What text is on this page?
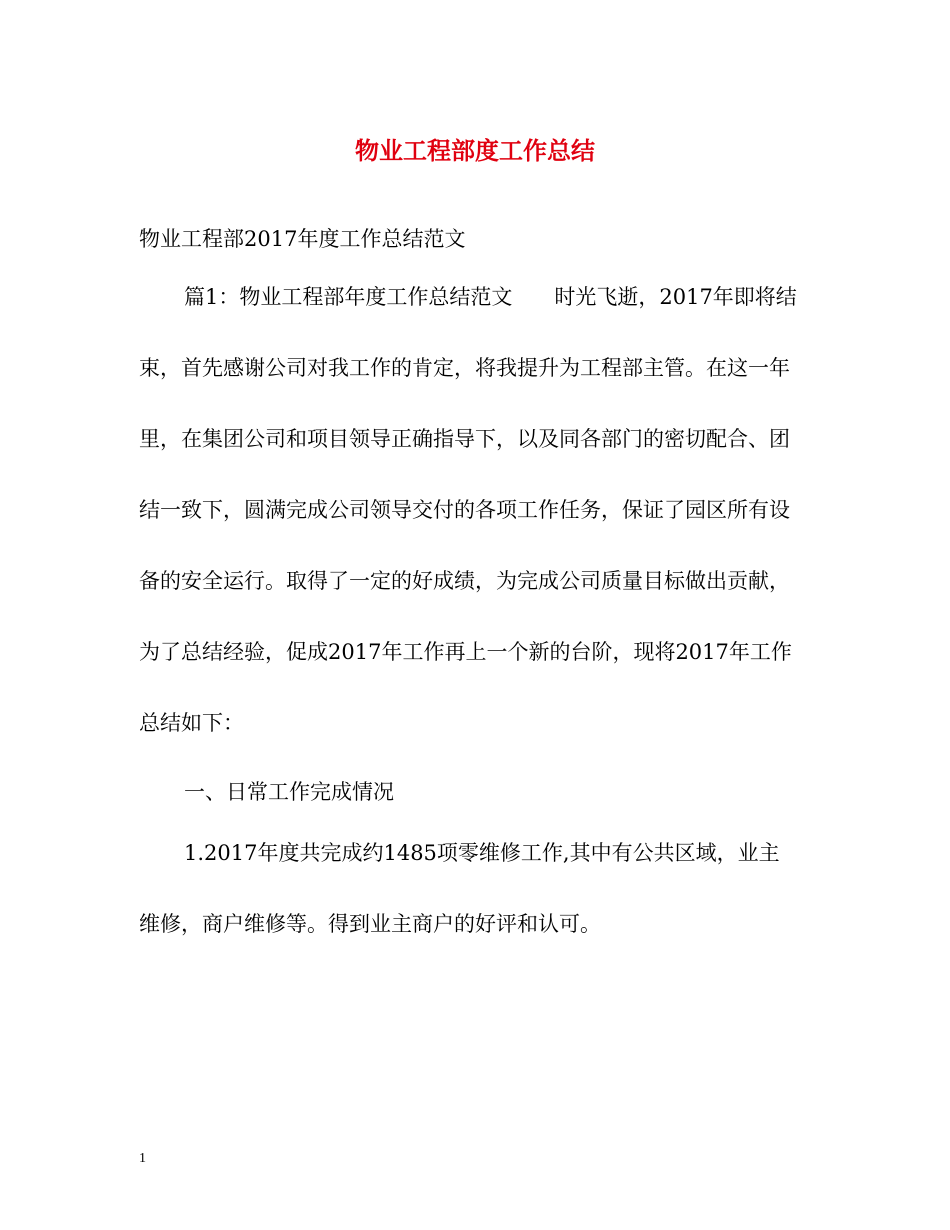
物业工程部度工作总结

物业工程部2017年度工作总结范文

篇1：物业工程部年度工作总结范文　　时光飞逝，2017年即将结

束，首先感谢公司对我工作的肯定，将我提升为工程部主管。在这一年

里，在集团公司和项目领导正确指导下，以及同各部门的密切配合、团

结一致下，圆满完成公司领导交付的各项工作任务，保证了园区所有设

备的安全运行。取得了一定的好成绩，为完成公司质量目标做出贡献，

为了总结经验，促成2017年工作再上一个新的台阶，现将2017年工作

总结如下：

一、日常工作完成情况

1.2017年度共完成约1485项零维修工作,其中有公共区域，业主

维修，商户维修等。得到业主商户的好评和认可。

1
